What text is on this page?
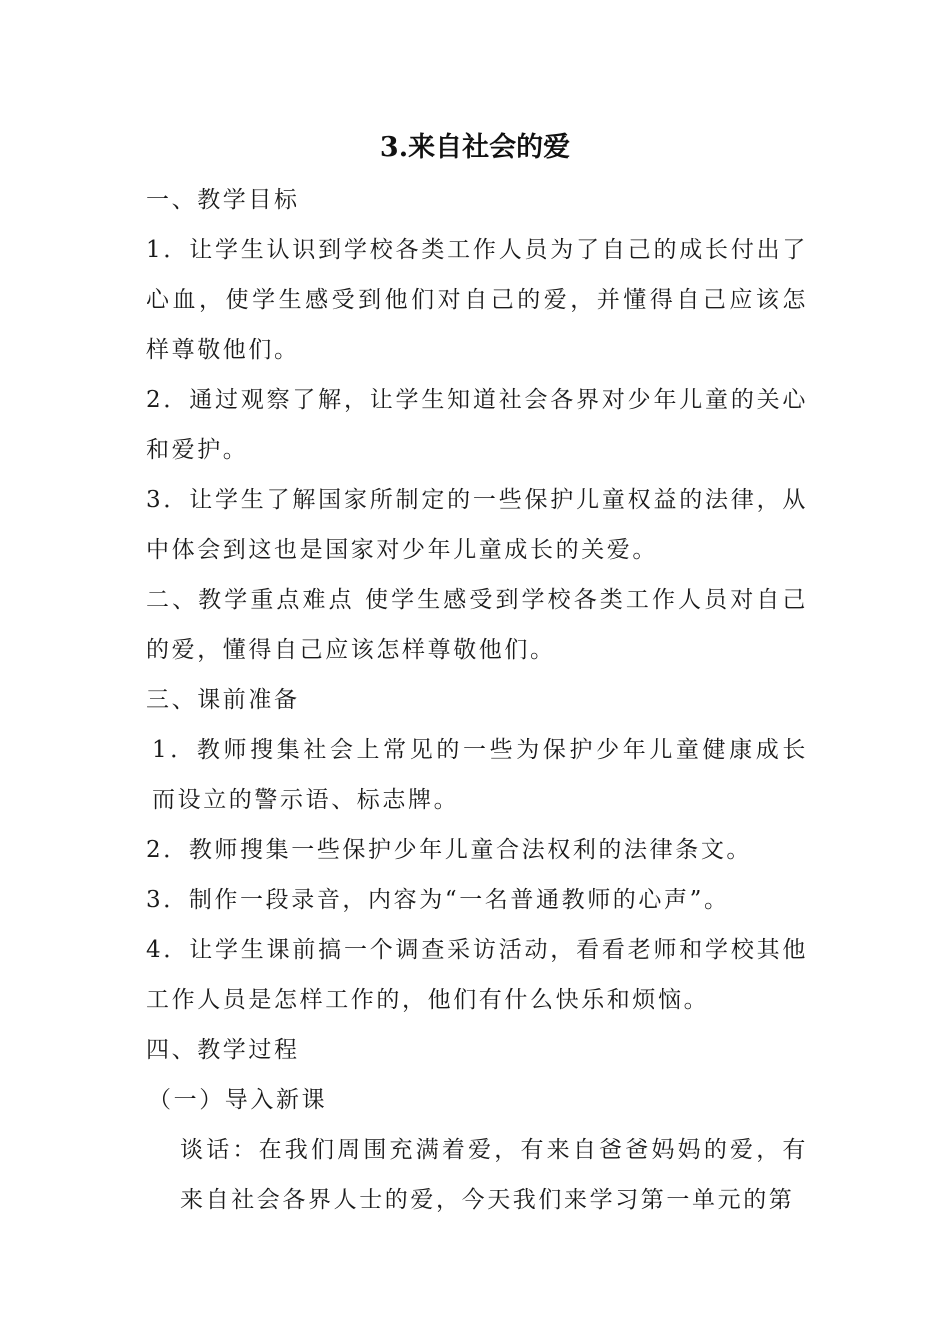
3.来自社会的爱
一、教学目标
1．让学生认识到学校各类工作人员为了自己的成长付出了心血，使学生感受到他们对自己的爱，并懂得自己应该怎样尊敬他们。
2．通过观察了解，让学生知道社会各界对少年儿童的关心和爱护。
3．让学生了解国家所制定的一些保护儿童权益的法律，从中体会到这也是国家对少年儿童成长的关爱。
二、教学重点难点 使学生感受到学校各类工作人员对自己的爱，懂得自己应该怎样尊敬他们。
三、课前准备
1．教师搜集社会上常见的一些为保护少年儿童健康成长而设立的警示语、标志牌。
2．教师搜集一些保护少年儿童合法权利的法律条文。
3．制作一段录音，内容为“一名普通教师的心声”。
4．让学生课前搞一个调查采访活动，看看老师和学校其他工作人员是怎样工作的，他们有什么快乐和烦恼。
四、教学过程
（一）导入新课
谈话：在我们周围充满着爱，有来自爸爸妈妈的爱，有来自社会各界人士的爱，今天我们来学习第一单元的第
